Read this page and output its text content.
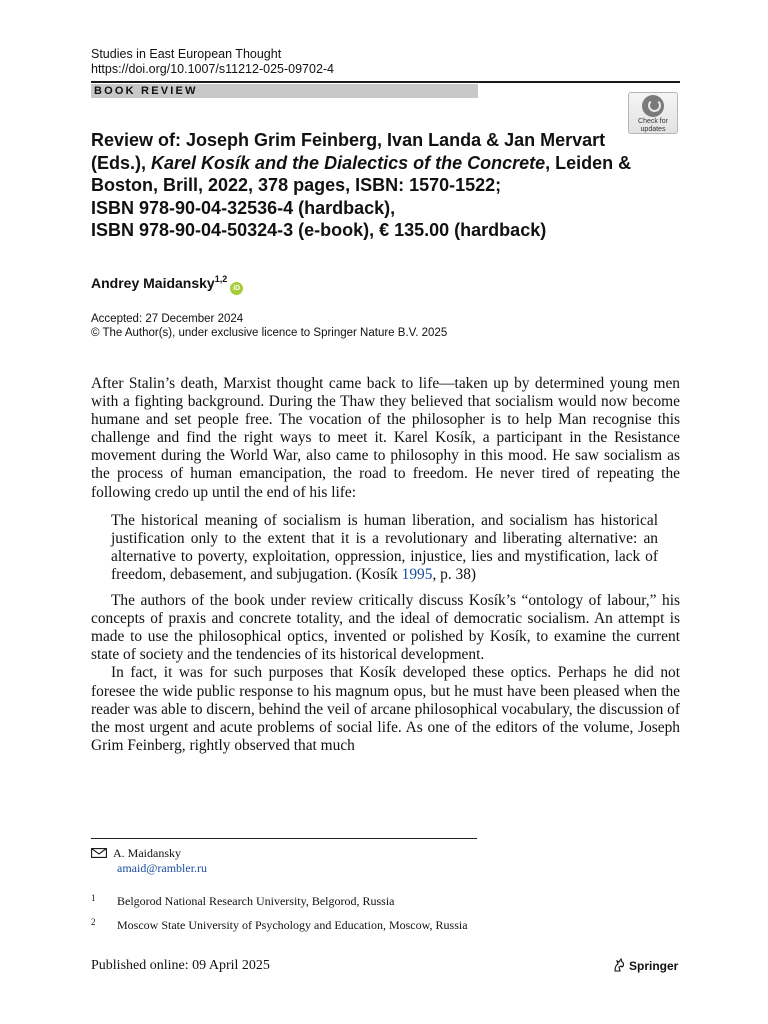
Studies in East European Thought
https://doi.org/10.1007/s11212-025-09702-4
BOOK REVIEW
Check for
updates
Review of: Joseph Grim Feinberg, Ivan Landa & Jan Mervart (Eds.), Karel Kosík and the Dialectics of the Concrete, Leiden & Boston, Brill, 2022, 378 pages, ISBN: 1570-1522;
ISBN 978-90-04-32536-4 (hardback),
ISBN 978-90-04-50324-3 (e-book), € 135.00 (hardback)
Andrey Maidansky$^{1,2}$iD
Accepted: 27 December 2024
© The Author(s), under exclusive licence to Springer Nature B.V. 2025

After Stalin’s death, Marxist thought came back to life—taken up by determined young men with a fighting background. During the Thaw they believed that socialism would now become humane and set people free. The vocation of the philosopher is to help Man recognise this challenge and find the right ways to meet it. Karel Kosík, a participant in the Resistance movement during the World War, also came to philosophy in this mood. He saw socialism as the process of human emancipation, the road to freedom. He never tired of repeating the following credo up until the end of his life:

The historical meaning of socialism is human liberation, and socialism has historical justification only to the extent that it is a revolutionary and liberating alternative: an alternative to poverty, exploitation, oppression, injustice, lies and mystification, lack of freedom, debasement, and subjugation. (Kosík 1995, p. 38)

The authors of the book under review critically discuss Kosík’s “ontology of labour,” his concepts of praxis and concrete totality, and the ideal of democratic socialism. An attempt is made to use the philosophical optics, invented or polished by Kosík, to examine the current state of society and the tendencies of its historical development.

In fact, it was for such purposes that Kosík developed these optics. Perhaps he did not foresee the wide public response to his magnum opus, but he must have been pleased when the reader was able to discern, behind the veil of arcane philosophical vocabulary, the discussion of the most urgent and acute problems of social life. As one of the editors of the volume, Joseph Grim Feinberg, rightly observed that much

A. Maidansky
amaid@rambler.ru
1 Belgorod National Research University, Belgorod, Russia
2 Moscow State University of Psychology and Education, Moscow, Russia
Published online: 09 April 2025	Springer
